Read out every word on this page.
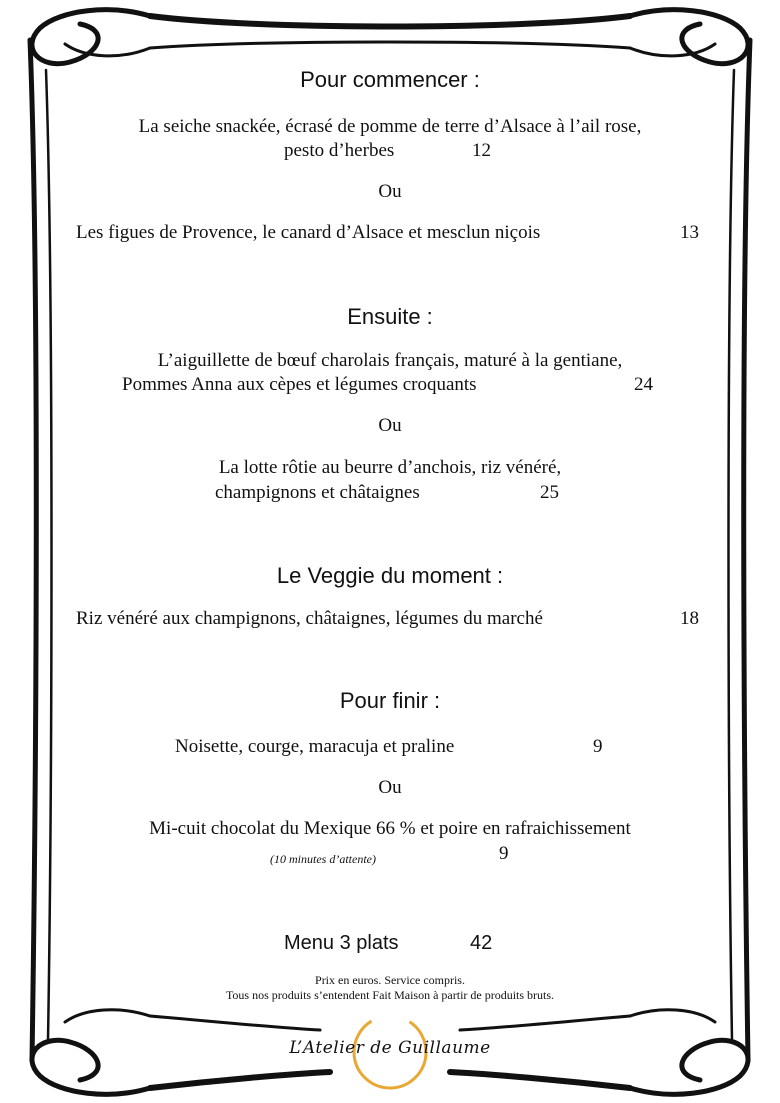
Pour commencer :
La seiche snackée, écrasé de pomme de terre d’Alsace à l’ail rose,
pesto d’herbes	12
Ou
Les figues de Provence, le canard d’Alsace et mesclun niçois	13
Ensuite :
L’aiguillette de bœuf charolais français, maturé à la gentiane,
Pommes Anna aux cèpes et légumes croquants	24
Ou
La lotte rôtie au beurre d’anchois, riz vénéré,
champignons et châtaignes	25
Le Veggie du moment :
Riz vénéré aux champignons, châtaignes, légumes du marché	18
Pour finir :
Noisette, courge, maracuja et praline	9
Ou
Mi-cuit chocolat du Mexique 66 % et poire en rafraichissement
(10 minutes d’attente)	9
Menu 3 plats	42
Prix en euros. Service compris.
Tous nos produits s’entendent Fait Maison à partir de produits bruts.
L’Atelier de Guillaume
